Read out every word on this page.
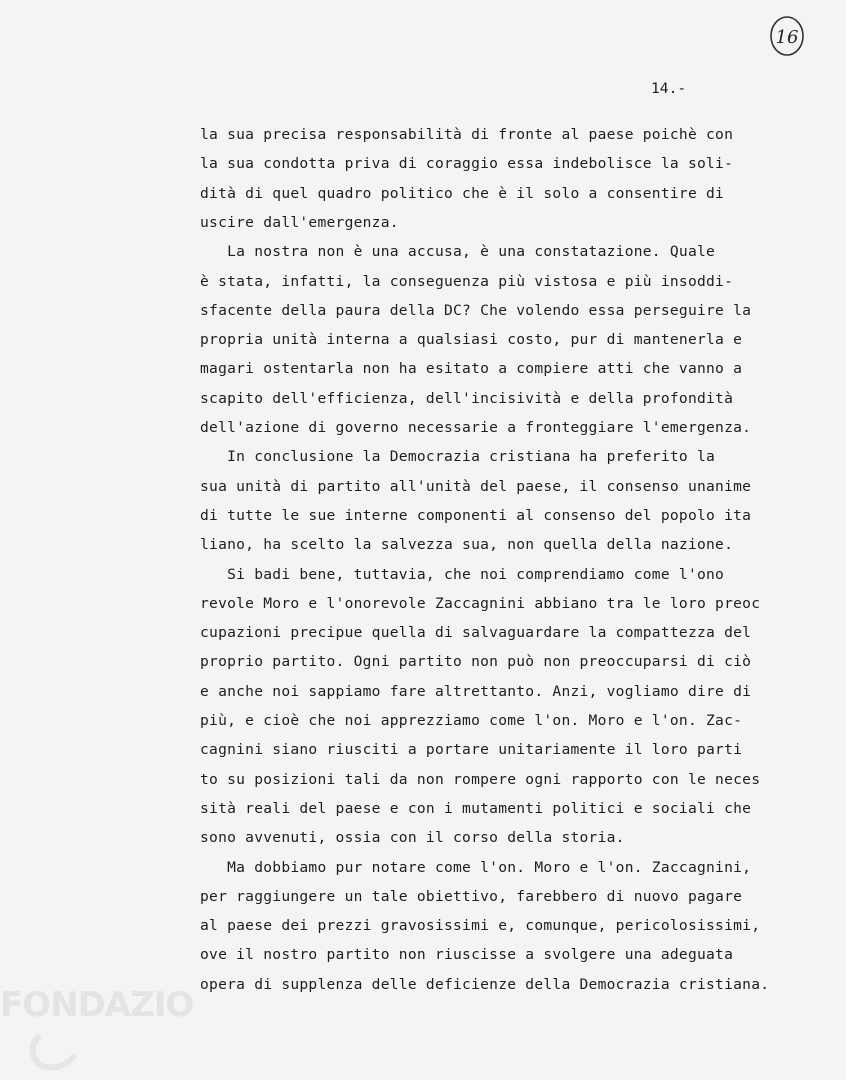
FONDAZIO
16
14.-
la sua precisa responsabilità di fronte al paese poichè con
la sua condotta priva di coraggio essa indebolisce la soli-
dità di quel quadro politico che è il solo a consentire di
uscire dall'emergenza.
La nostra non è una accusa, è una constatazione. Quale
è stata, infatti, la conseguenza più vistosa e più insoddi-
sfacente della paura della DC? Che volendo essa perseguire la
propria unità interna a qualsiasi costo, pur di mantenerla e
magari ostentarla non ha esitato a compiere atti che vanno a
scapito dell'efficienza, dell'incisività e della profondità
dell'azione di governo necessarie a fronteggiare l'emergenza.
In conclusione la Democrazia cristiana ha preferito la
sua unità di partito all'unità del paese, il consenso unanime
di tutte le sue interne componenti al consenso del popolo ita
liano, ha scelto la salvezza sua, non quella della nazione.
Si badi bene, tuttavia, che noi comprendiamo come l'ono
revole Moro e l'onorevole Zaccagnini abbiano tra le loro preoc
cupazioni precipue quella di salvaguardare la compattezza del
proprio partito. Ogni partito non può non preoccuparsi di ciò
e anche noi sappiamo fare altrettanto. Anzi, vogliamo dire di
più, e cioè che noi apprezziamo come l'on. Moro e l'on. Zac-
cagnini siano riusciti a portare unitariamente il loro parti
to su posizioni tali da non rompere ogni rapporto con le neces
sità reali del paese e con i mutamenti politici e sociali che
sono avvenuti, ossia con il corso della storia.
Ma dobbiamo pur notare come l'on. Moro e l'on. Zaccagnini,
per raggiungere un tale obiettivo, farebbero di nuovo pagare
al paese dei prezzi gravosissimi e, comunque, pericolosissimi,
ove il nostro partito non riuscisse a svolgere una adeguata
opera di supplenza delle deficienze della Democrazia cristiana.
